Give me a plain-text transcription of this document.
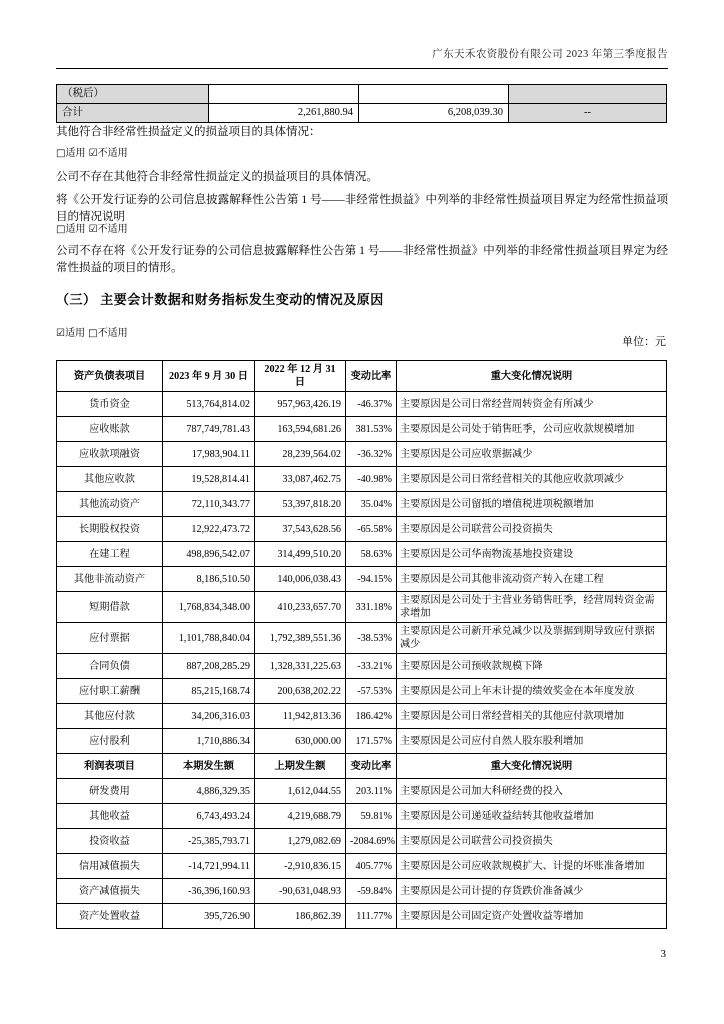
广东天禾农资股份有限公司 2023 年第三季度报告
（税后）			
合计	2,261,880.94	6,208,039.30	--
其他符合非经常性损益定义的损益项目的具体情况：
□适用 ☑不适用
公司不存在其他符合非经常性损益定义的损益项目的具体情况。
将《公开发行证券的公司信息披露解释性公告第 1 号——非经常性损益》中列举的非经常性损益项目界定为经常性损益项目的情况说明
□适用 ☑不适用
公司不存在将《公开发行证券的公司信息披露解释性公告第 1 号——非经常性损益》中列举的非经常性损益项目界定为经常性损益的项目的情形。
（三） 主要会计数据和财务指标发生变动的情况及原因
☑适用 □不适用
单位：元
资产负债表项目	2023 年 9 月 30 日	2022 年 12 月 31 日	变动比率	重大变化情况说明
货币资金	513,764,814.02	957,963,426.19	-46.37%	主要原因是公司日常经营周转资金有所减少
应收账款	787,749,781.43	163,594,681.26	381.53%	主要原因是公司处于销售旺季，公司应收款规模增加
应收款项融资	17,983,904.11	28,239,564.02	-36.32%	主要原因是公司应收票据减少
其他应收款	19,528,814.41	33,087,462.75	-40.98%	主要原因是公司日常经营相关的其他应收款项减少
其他流动资产	72,110,343.77	53,397,818.20	35.04%	主要原因是公司留抵的增值税进项税额增加
长期股权投资	12,922,473.72	37,543,628.56	-65.58%	主要原因是公司联营公司投资损失
在建工程	498,896,542.07	314,499,510.20	58.63%	主要原因是公司华南物流基地投资建设
其他非流动资产	8,186,510.50	140,006,038.43	-94.15%	主要原因是公司其他非流动资产转入在建工程
短期借款	1,768,834,348.00	410,233,657.70	331.18%	主要原因是公司处于主营业务销售旺季，经营周转资金需求增加
应付票据	1,101,788,840.04	1,792,389,551.36	-38.53%	主要原因是公司新开承兑减少以及票据到期导致应付票据减少
合同负债	887,208,285.29	1,328,331,225.63	-33.21%	主要原因是公司预收款规模下降
应付职工薪酬	85,215,168.74	200,638,202.22	-57.53%	主要原因是公司上年末计提的绩效奖金在本年度发放
其他应付款	34,206,316.03	11,942,813.36	186.42%	主要原因是公司日常经营相关的其他应付款项增加
应付股利	1,710,886.34	630,000.00	171.57%	主要原因是公司应付自然人股东股利增加
利润表项目	本期发生额	上期发生额	变动比率	重大变化情况说明
研发费用	4,886,329.35	1,612,044.55	203.11%	主要原因是公司加大科研经费的投入
其他收益	6,743,493.24	4,219,688.79	59.81%	主要原因是公司递延收益结转其他收益增加
投资收益	-25,385,793.71	1,279,082.69	-2084.69%	主要原因是公司联营公司投资损失
信用减值损失	-14,721,994.11	-2,910,836.15	405.77%	主要原因是公司应收款规模扩大、计提的坏账准备增加
资产减值损失	-36,396,160.93	-90,631,048.93	-59.84%	主要原因是公司计提的存货跌价准备减少
资产处置收益	395,726.90	186,862.39	111.77%	主要原因是公司固定资产处置收益等增加
3
